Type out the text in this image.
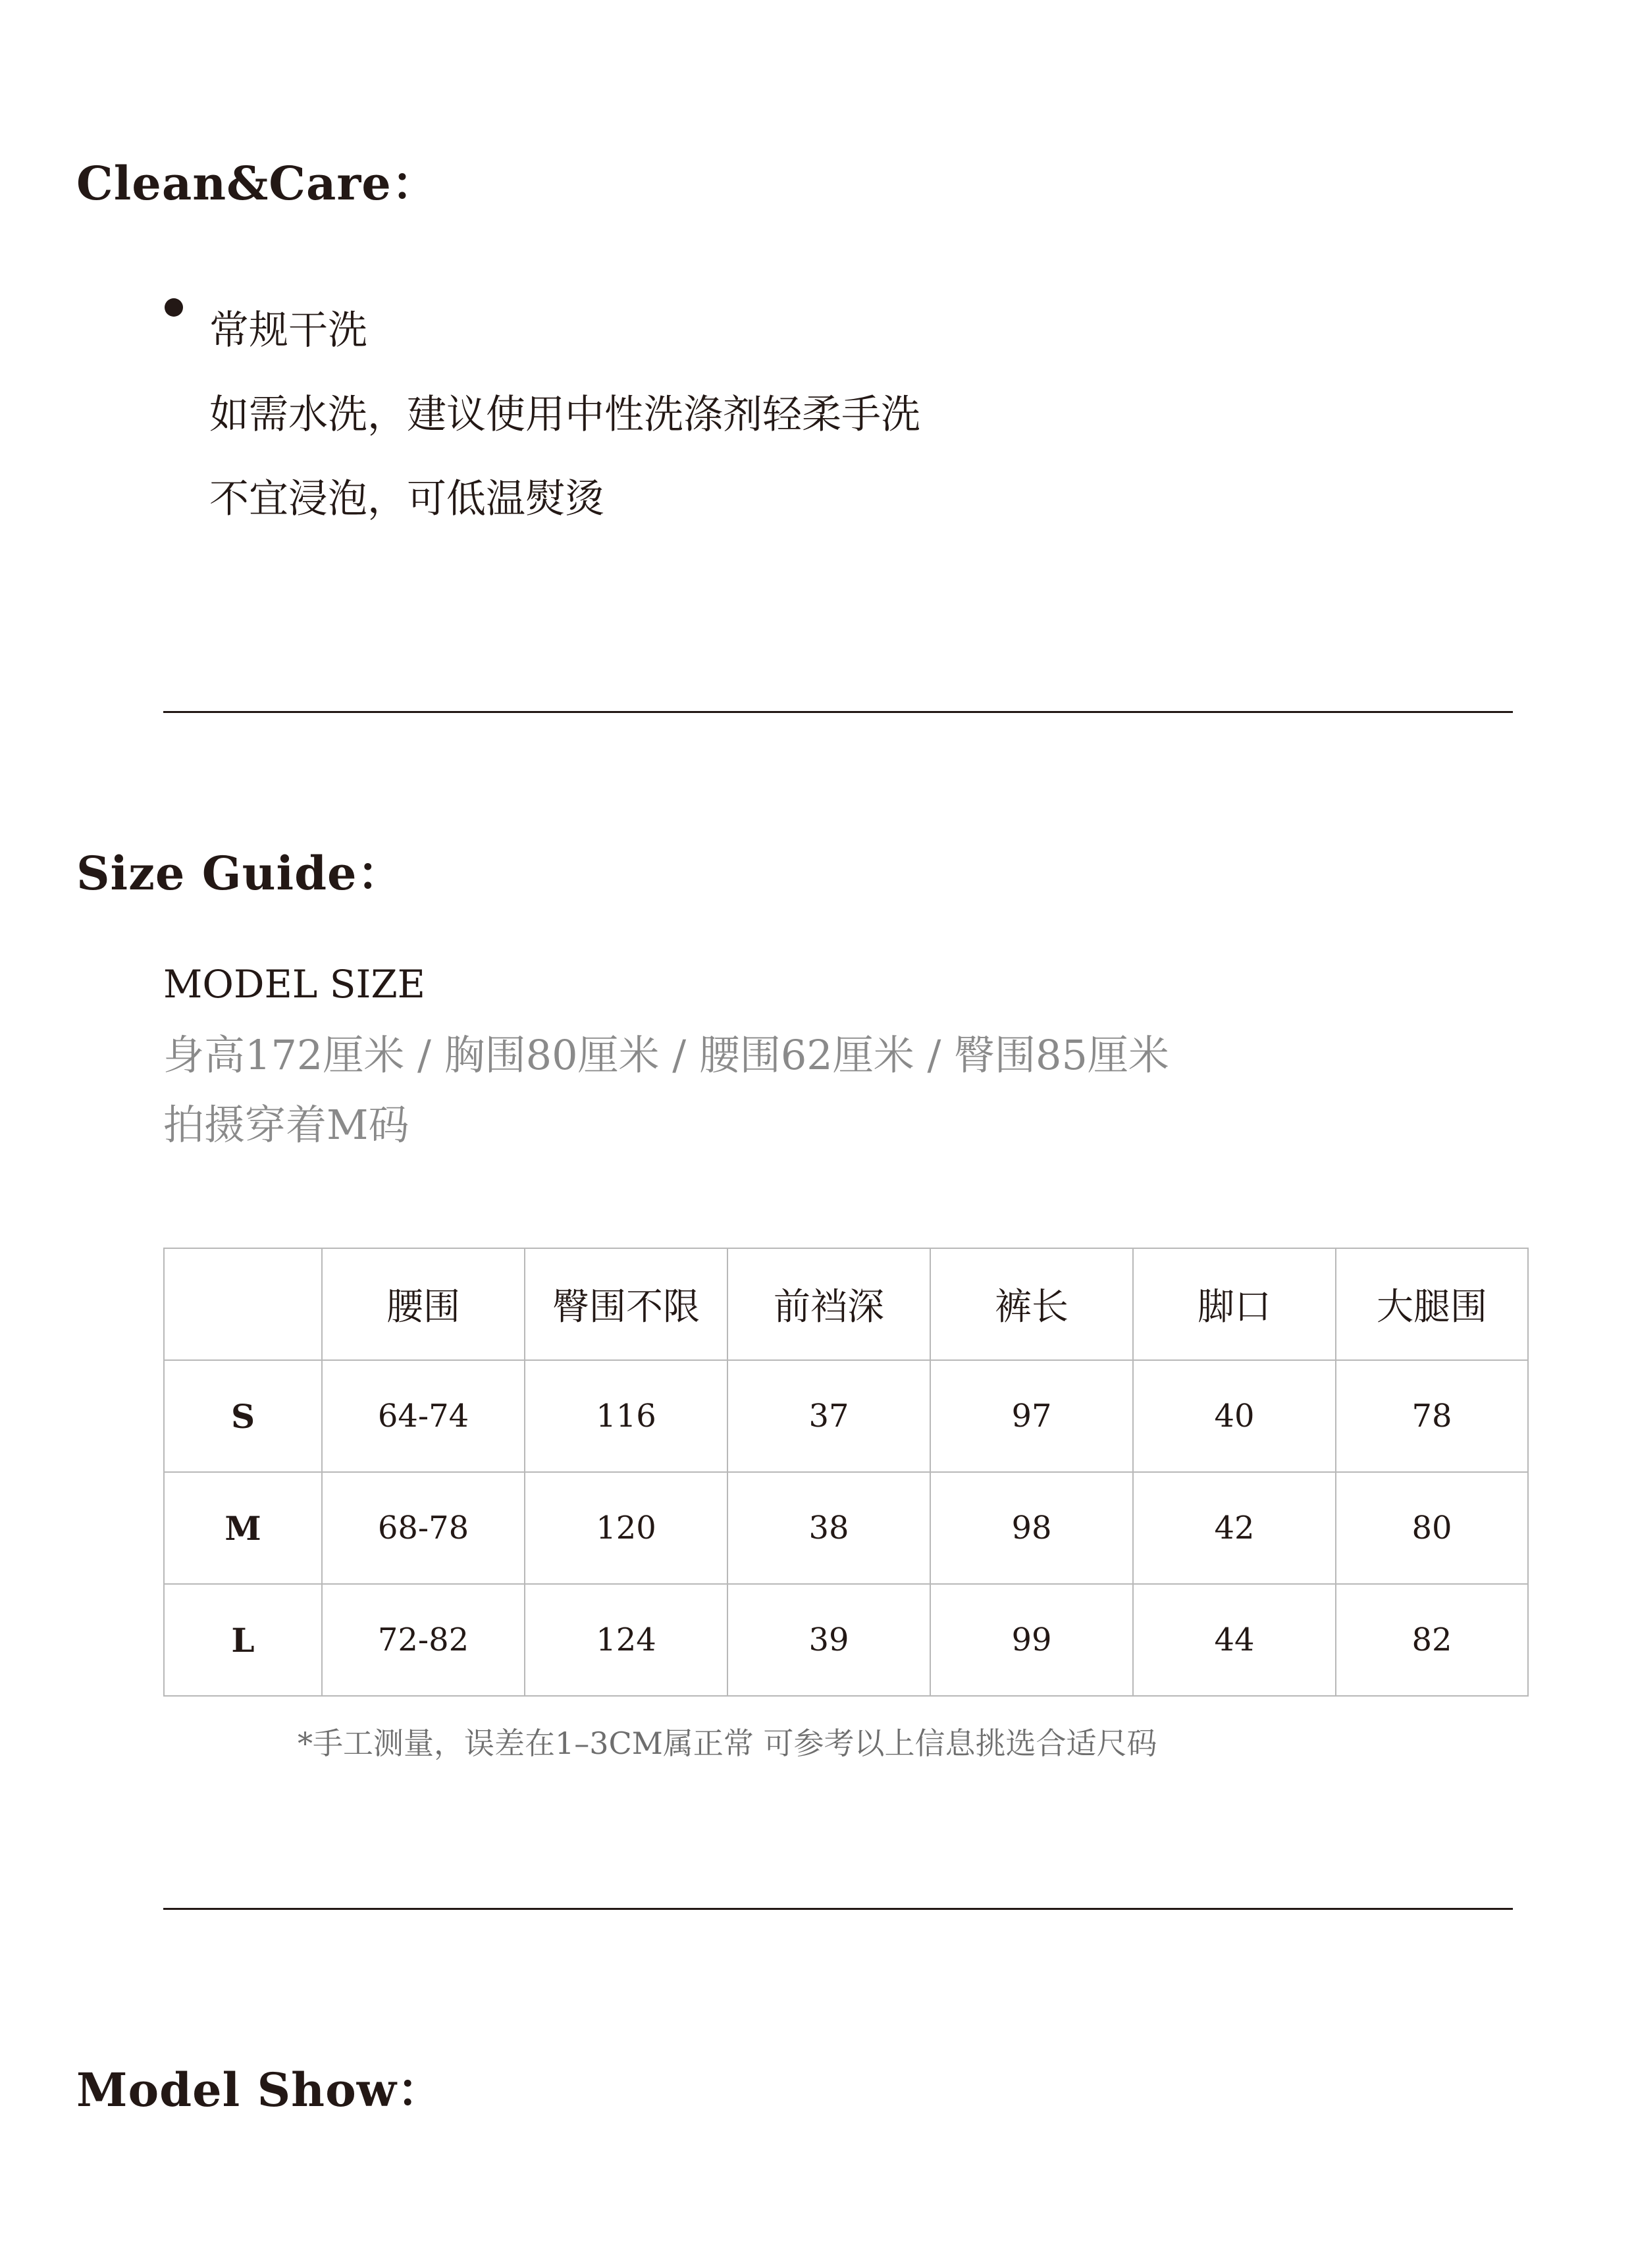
Clean&Care：
常规干洗
如需水洗，建议使用中性洗涤剂轻柔手洗
不宜浸泡，可低温熨烫
Size Guide：
MODEL SIZE
身高172厘米 / 胸围80厘米 / 腰围62厘米 / 臀围85厘米
拍摄穿着M码
	腰围	臀围不限	前裆深	裤长	脚口	大腿围
S	64-74	116	37	97	40	78
M	68-78	120	38	98	42	80
L	72-82	124	39	99	44	82
*手工测量，误差在1–3CM属正常 可参考以上信息挑选合适尺码
Model Show：
